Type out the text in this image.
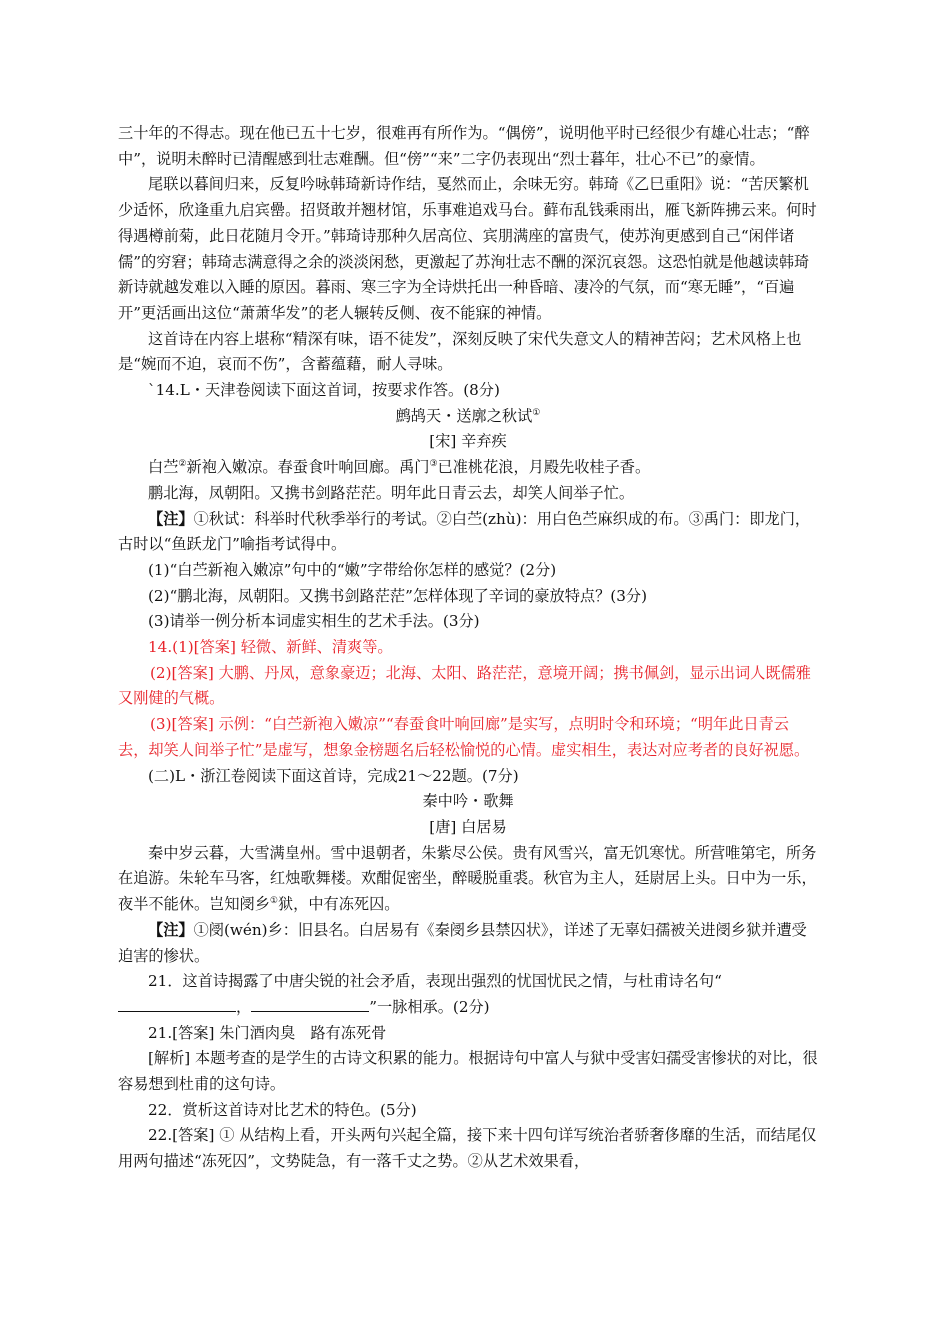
三十年的不得志。现在他已五十七岁，很难再有所作为。“偶傍”，说明他平时已经很少有雄心壮志；“醉中”，说明未醉时已清醒感到壮志难酬。但“傍”“来”二字仍表现出“烈士暮年，壮心不已”的豪情。

尾联以暮间归来，反复吟咏韩琦新诗作结，戛然而止，余味无穷。韩琦《乙巳重阳》说：“苦厌繁机少适怀，欣逢重九启宾罍。招贤敢并翘材馆，乐事难追戏马台。藓布乱钱乘雨出，雁飞新阵拂云来。何时得遇樽前菊，此日花随月令开。”韩琦诗那种久居高位、宾朋满座的富贵气，使苏洵更感到自己“闲伴诸儒”的穷窘；韩琦志满意得之余的淡淡闲愁，更激起了苏洵壮志不酬的深沉哀怨。这恐怕就是他越读韩琦新诗就越发难以入睡的原因。暮雨、寒三字为全诗烘托出一种昏暗、凄冷的气氛，而“寒无睡”，“百遍开”更活画出这位“萧萧华发”的老人辗转反侧、夜不能寐的神情。

这首诗在内容上堪称“精深有味，语不徒发”，深刻反映了宋代失意文人的精神苦闷；艺术风格上也是“婉而不迫，哀而不伤”，含蓄蕴藉，耐人寻味。

`14.L・天津卷阅读下面这首词，按要求作答。(8分)

鹧鸪天・送廓之秋试①

[宋] 辛弃疾

白苎②新袍入嫩凉。春蚕食叶响回廊。禹门③已准桃花浪，月殿先收桂子香。

鹏北海，凤朝阳。又携书剑路茫茫。明年此日青云去，却笑人间举子忙。

【注】①秋试：科举时代秋季举行的考试。②白苎(zhù)：用白色苎麻织成的布。③禹门：即龙门，古时以“鱼跃龙门”喻指考试得中。

(1)“白苎新袍入嫩凉”句中的“嫩”字带给你怎样的感觉？(2分)

(2)“鹏北海，凤朝阳。又携书剑路茫茫”怎样体现了辛词的豪放特点？(3分)

(3)请举一例分析本词虚实相生的艺术手法。(3分)

14.(1)[答案] 轻微、新鲜、清爽等。

(2)[答案] 大鹏、丹凤，意象豪迈；北海、太阳、路茫茫，意境开阔；携书佩剑，显示出词人既儒雅又刚健的气概。

(3)[答案] 示例：“白苎新袍入嫩凉”“春蚕食叶响回廊”是实写，点明时令和环境；“明年此日青云去，却笑人间举子忙”是虚写，想象金榜题名后轻松愉悦的心情。虚实相生，表达对应考者的良好祝愿。

(二)L・浙江卷阅读下面这首诗，完成21～22题。(7分)

秦中吟・歌舞

[唐] 白居易

秦中岁云暮，大雪满皇州。雪中退朝者，朱紫尽公侯。贵有风雪兴，富无饥寒忧。所营唯第宅，所务在追游。朱轮车马客，红烛歌舞楼。欢酣促密坐，醉暖脱重裘。秋官为主人，廷尉居上头。日中为一乐，夜半不能休。岂知阌乡①狱，中有冻死囚。

【注】①阌(wén)乡：旧县名。白居易有《秦阌乡县禁囚状》，详述了无辜妇孺被关进阌乡狱并遭受迫害的惨状。

21．这首诗揭露了中唐尖锐的社会矛盾，表现出强烈的忧国忧民之情，与杜甫诗名句“，	”一脉相承。(2分)

21.[答案] 朱门酒肉臭　路有冻死骨

[解析] 本题考查的是学生的古诗文积累的能力。根据诗句中富人与狱中受害妇孺受害惨状的对比，很容易想到杜甫的这句诗。

22．赏析这首诗对比艺术的特色。(5分)

22.[答案] ① 从结构上看，开头两句兴起全篇，接下来十四句详写统治者骄奢侈靡的生活，而结尾仅用两句描述“冻死囚”，文势陡急，有一落千丈之势。②从艺术效果看，
